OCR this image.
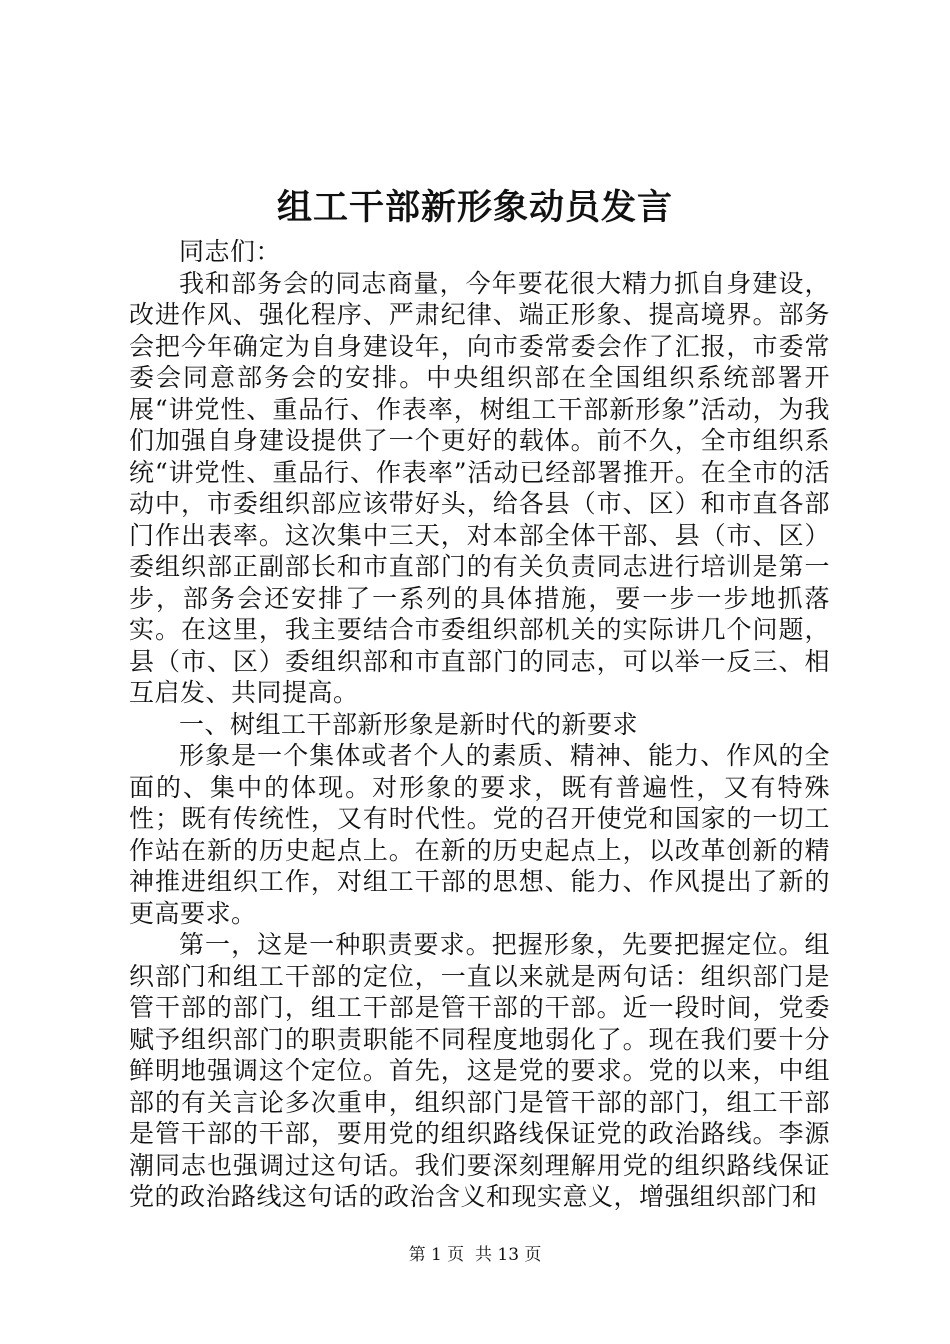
组工干部新形象动员发言

同志们：

我和部务会的同志商量，今年要花很大精力抓自身建设，改进作风、强化程序、严肃纪律、端正形象、提高境界。部务会把今年确定为自身建设年，向市委常委会作了汇报，市委常委会同意部务会的安排。中央组织部在全国组织系统部署开展“讲党性、重品行、作表率，树组工干部新形象”活动，为我们加强自身建设提供了一个更好的载体。前不久，全市组织系统“讲党性、重品行、作表率”活动已经部署推开。在全市的活动中，市委组织部应该带好头，给各县（市、区）和市直各部门作出表率。这次集中三天，对本部全体干部、县（市、区）委组织部正副部长和市直部门的有关负责同志进行培训是第一步，部务会还安排了一系列的具体措施，要一步一步地抓落实。在这里，我主要结合市委组织部机关的实际讲几个问题，县（市、区）委组织部和市直部门的同志，可以举一反三、相互启发、共同提高。

一、树组工干部新形象是新时代的新要求

形象是一个集体或者个人的素质、精神、能力、作风的全面的、集中的体现。对形象的要求，既有普遍性，又有特殊性；既有传统性，又有时代性。党的召开使党和国家的一切工作站在新的历史起点上。在新的历史起点上，以改革创新的精神推进组织工作，对组工干部的思想、能力、作风提出了新的更高要求。

第一，这是一种职责要求。把握形象，先要把握定位。组织部门和组工干部的定位，一直以来就是两句话：组织部门是管干部的部门，组工干部是管干部的干部。近一段时间，党委赋予组织部门的职责职能不同程度地弱化了。现在我们要十分鲜明地强调这个定位。首先，这是党的要求。党的以来，中组部的有关言论多次重申，组织部门是管干部的部门，组工干部是管干部的干部，要用党的组织路线保证党的政治路线。李源潮同志也强调过这句话。我们要深刻理解用党的组织路线保证党的政治路线这句话的政治含义和现实意义，增强组织部门和

第 1 页  共 13 页
